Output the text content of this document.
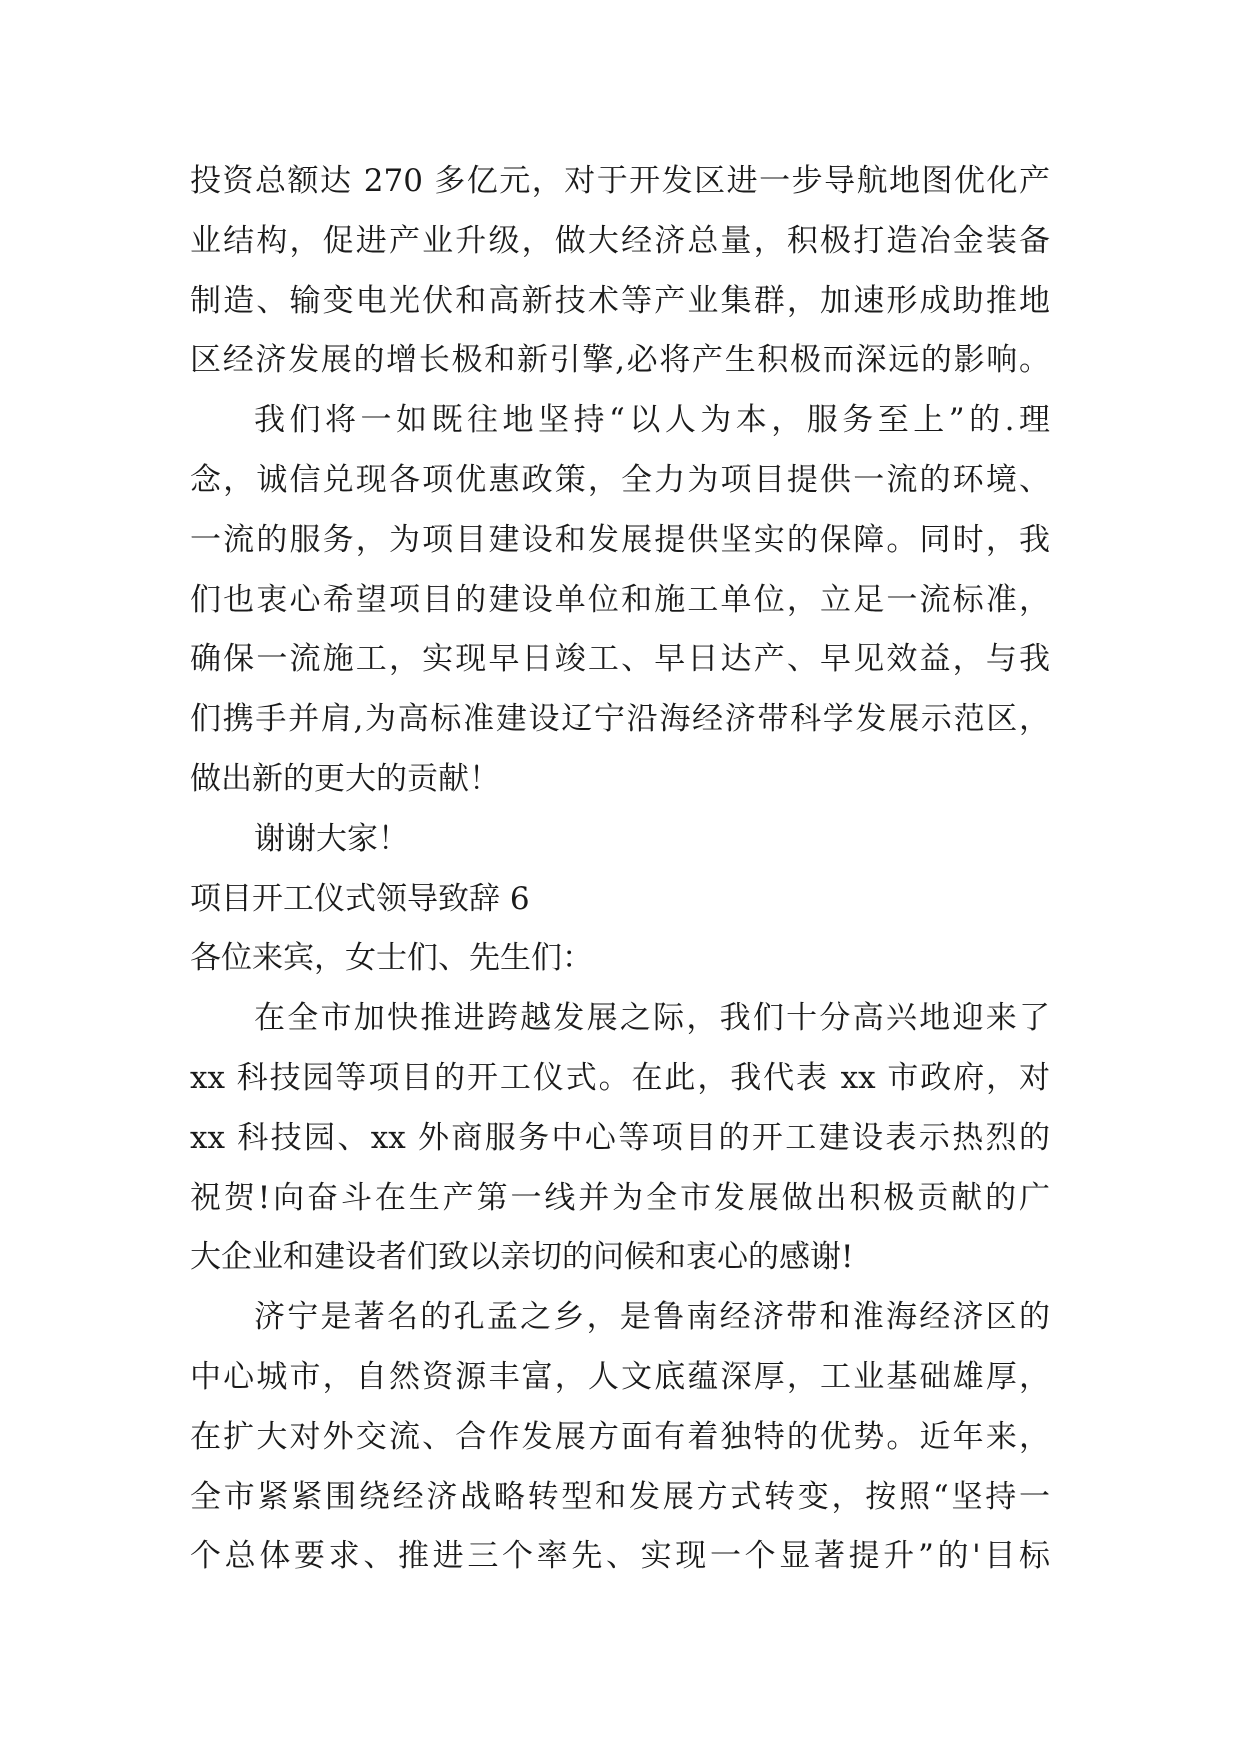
投资总额达 270 多亿元，对于开发区进一步导航地图优化产
业结构，促进产业升级，做大经济总量，积极打造冶金装备
制造、输变电光伏和高新技术等产业集群，加速形成助推地
区经济发展的增长极和新引擎,必将产生积极而深远的影响。
我们将一如既往地坚持“以人为本，服务至上”的.理
念，诚信兑现各项优惠政策，全力为项目提供一流的环境、
一流的服务，为项目建设和发展提供坚实的保障。同时，我
们也衷心希望项目的建设单位和施工单位，立足一流标准，
确保一流施工，实现早日竣工、早日达产、早见效益，与我
们携手并肩,为高标准建设辽宁沿海经济带科学发展示范区，
做出新的更大的贡献！
谢谢大家！
项目开工仪式领导致辞 6
各位来宾，女士们、先生们：
在全市加快推进跨越发展之际，我们十分高兴地迎来了
xx 科技园等项目的开工仪式。在此，我代表 xx 市政府，对
xx 科技园、xx 外商服务中心等项目的开工建设表示热烈的
祝贺!向奋斗在生产第一线并为全市发展做出积极贡献的广
大企业和建设者们致以亲切的问候和衷心的感谢!
济宁是著名的孔孟之乡，是鲁南经济带和淮海经济区的
中心城市，自然资源丰富，人文底蕴深厚，工业基础雄厚，
在扩大对外交流、合作发展方面有着独特的优势。近年来，
全市紧紧围绕经济战略转型和发展方式转变，按照“坚持一
个总体要求、推进三个率先、实现一个显著提升”的'目标
